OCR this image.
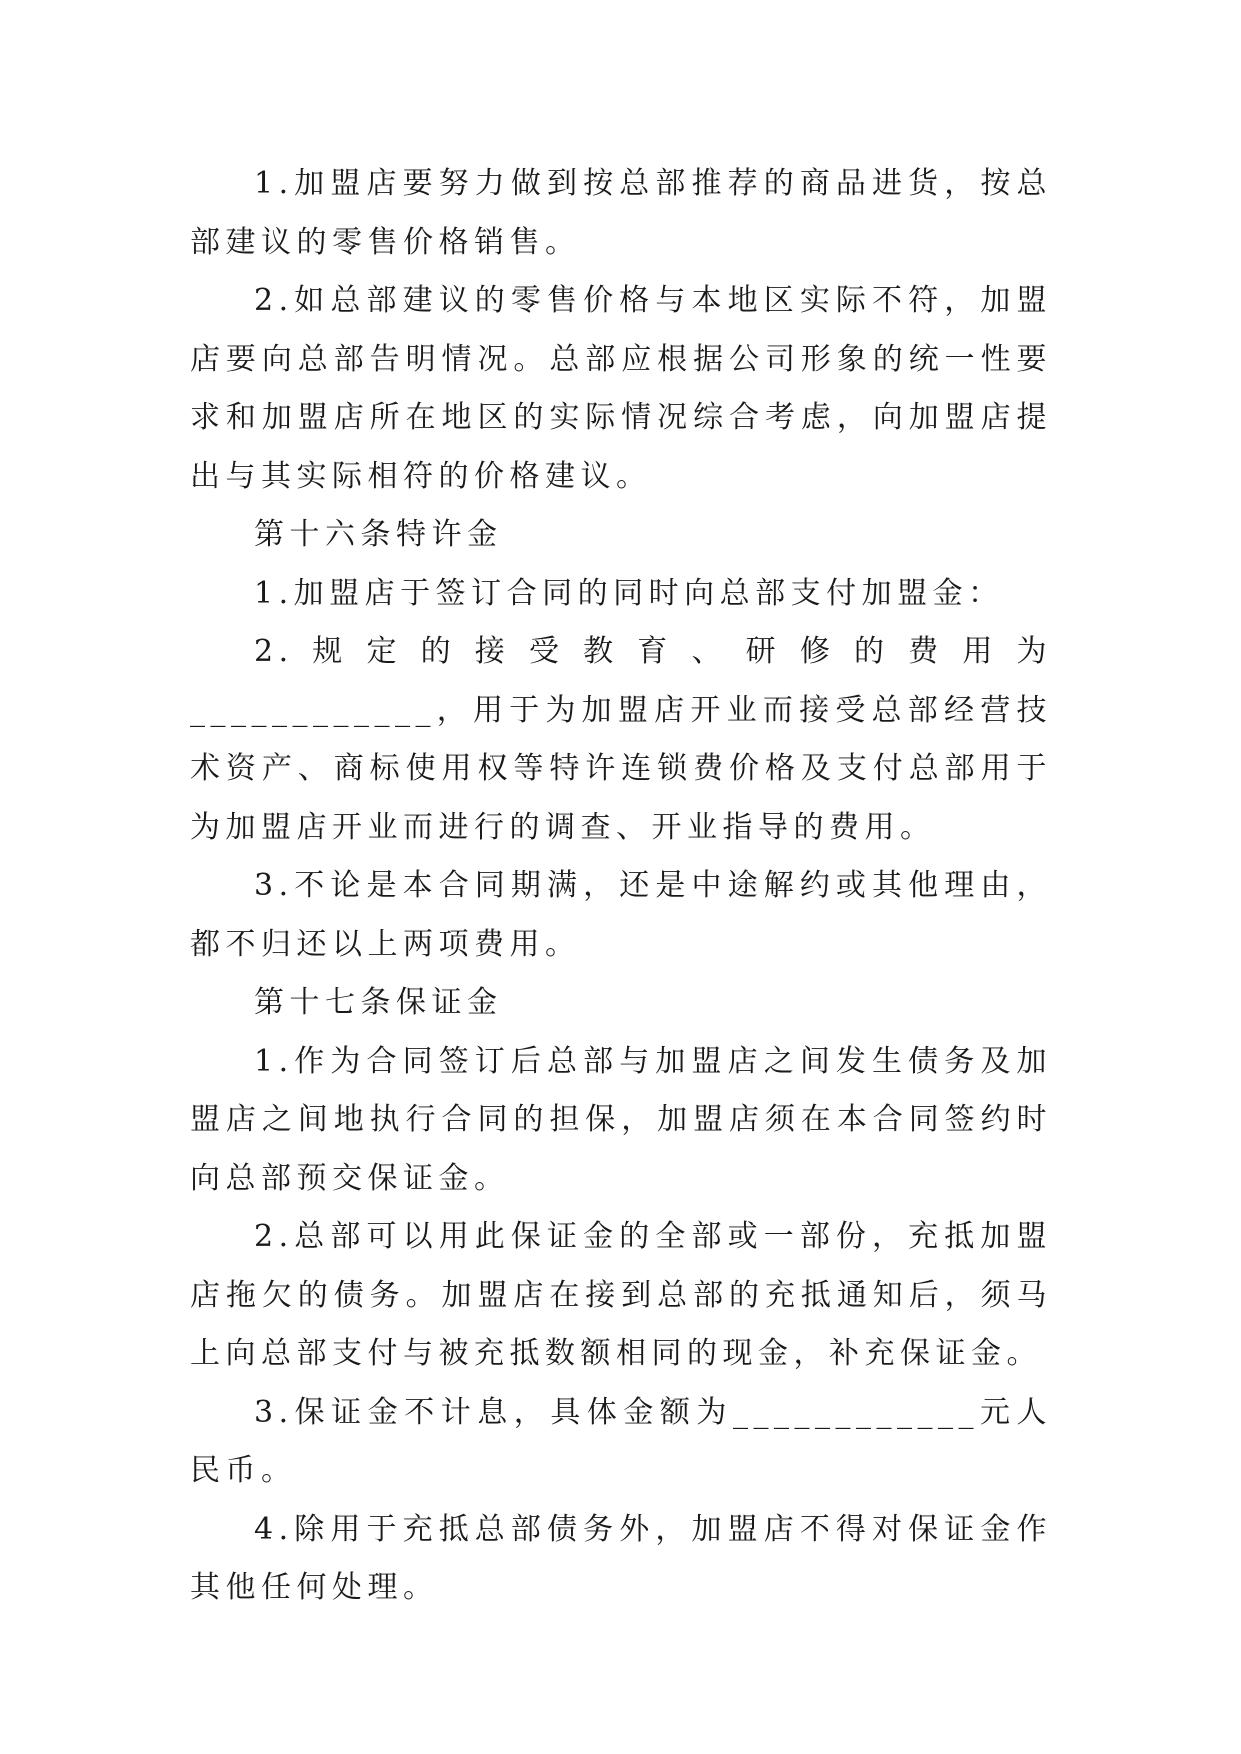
1.加盟店要努力做到按总部推荐的商品进货，按总部建议的零售价格销售。

2.如总部建议的零售价格与本地区实际不符，加盟店要向总部告明情况。总部应根据公司形象的统一性要求和加盟店所在地区的实际情况综合考虑，向加盟店提出与其实际相符的价格建议。

第十六条特许金

1.加盟店于签订合同的同时向总部支付加盟金：

2.规定的接受教育、研修的费用为____________，用于为加盟店开业而接受总部经营技术资产、商标使用权等特许连锁费价格及支付总部用于为加盟店开业而进行的调查、开业指导的费用。

3.不论是本合同期满，还是中途解约或其他理由，都不归还以上两项费用。

第十七条保证金

1.作为合同签订后总部与加盟店之间发生债务及加盟店之间地执行合同的担保，加盟店须在本合同签约时向总部预交保证金。

2.总部可以用此保证金的全部或一部份，充抵加盟店拖欠的债务。加盟店在接到总部的充抵通知后，须马上向总部支付与被充抵数额相同的现金，补充保证金。

3.保证金不计息，具体金额为____________元人民币。

4.除用于充抵总部债务外，加盟店不得对保证金作其他任何处理。
